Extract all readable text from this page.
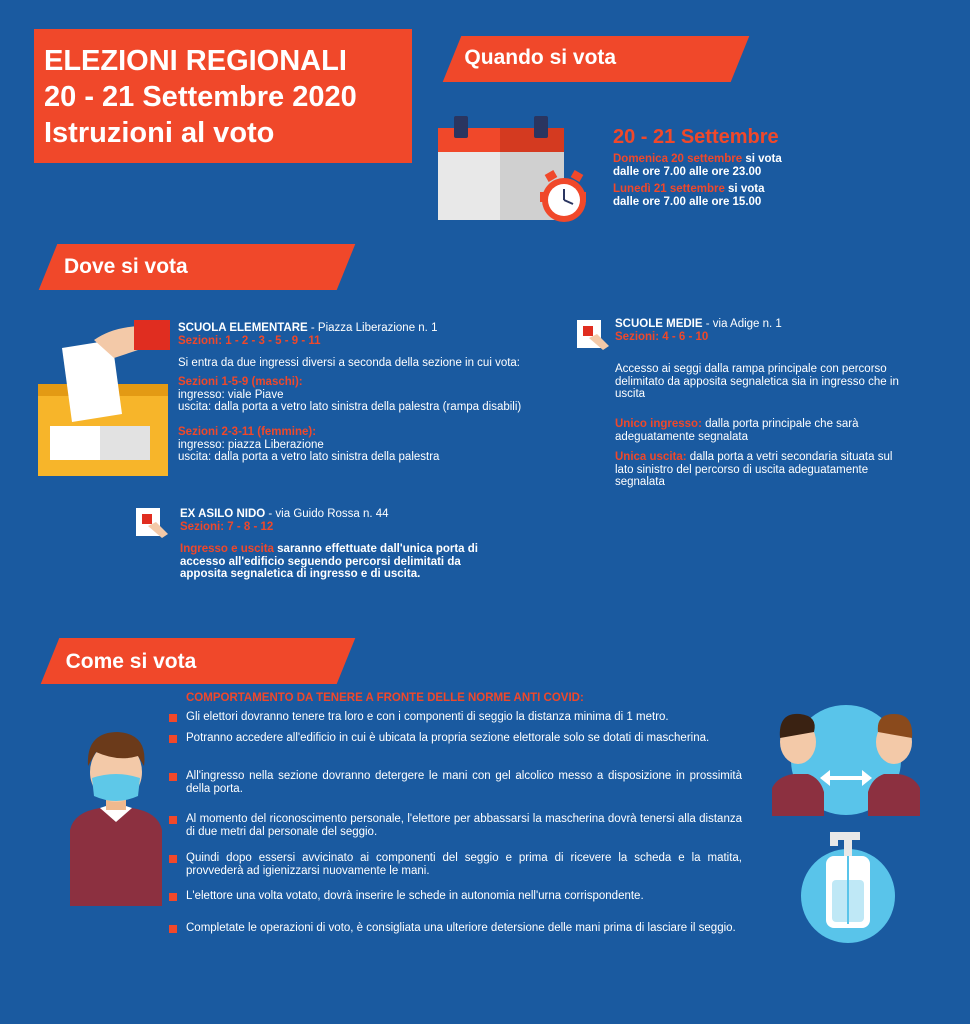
ELEZIONI REGIONALI
20 - 21 Settembre 2020
Istruzioni al voto
Quando si vota
20 - 21 Settembre
Domenica 20 settembre si vota
dalle ore 7.00 alle ore 23.00
Lunedì 21 settembre si vota
dalle ore 7.00 alle ore 15.00
Dove si vota
SCUOLA ELEMENTARE - Piazza Liberazione n. 1
Sezioni: 1 - 2 - 3 - 5 - 9 - 11
Si entra da due ingressi diversi a seconda della sezione in cui vota:
Sezioni 1-5-9 (maschi):
ingresso: viale Piave
uscita: dalla porta a vetro lato sinistra della palestra (rampa disabili)
Sezioni 2-3-11 (femmine):
ingresso: piazza Liberazione
uscita: dalla porta a vetro lato sinistra della palestra
SCUOLE MEDIE - via Adige n. 1
Sezioni: 4 - 6 - 10
Accesso ai seggi dalla rampa principale con percorso
delimitato da apposita segnaletica sia in ingresso che in
uscita
Unico ingresso: dalla porta principale che sarà
adeguatamente segnalata
Unica uscita: dalla porta a vetri secondaria situata sul
lato sinistro del percorso di uscita adeguatamente
segnalata
EX ASILO NIDO - via Guido Rossa n. 44
Sezioni: 7 - 8 - 12
Ingresso e uscita saranno effettuate dall'unica porta di
accesso all'edificio seguendo percorsi delimitati da
apposita segnaletica di ingresso e di uscita.
Come si vota
COMPORTAMENTO DA TENERE A FRONTE DELLE NORME ANTI COVID:
Gli elettori dovranno tenere tra loro e con i componenti di seggio la distanza minima di 1 metro.
Potranno accedere all'edificio in cui è ubicata la propria sezione elettorale solo se dotati di mascherina.
All'ingresso nella sezione dovranno detergere le mani con gel alcolico messo a disposizione in prossimità della porta.
Al momento del riconoscimento personale, l'elettore per abbassarsi la mascherina dovrà tenersi alla distanza di due metri dal personale del seggio.
Quindi dopo essersi avvicinato ai componenti del seggio e prima di ricevere la scheda e la matita, provvederà ad igienizzarsi nuovamente le mani.
L'elettore una volta votato, dovrà inserire le schede in autonomia nell'urna corrispondente.
Completate le operazioni di voto, è consigliata una ulteriore detersione delle mani prima di lasciare il seggio.
